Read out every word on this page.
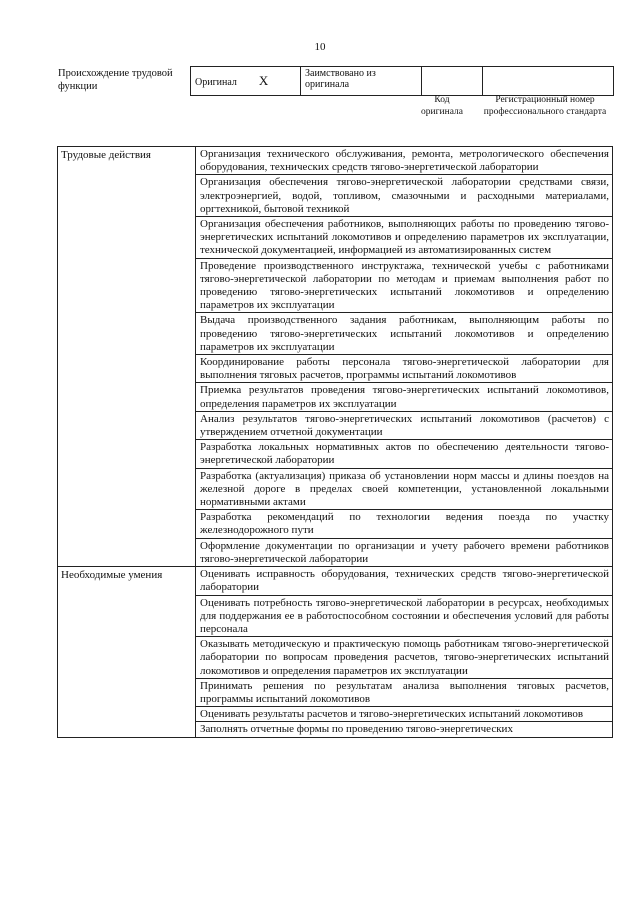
10
Происхождение трудовой функции	Оригинал X	Заимствовано из оригинала		
Код оригинала
Регистрационный номер профессионального стандарта
Трудовые действия	Организация технического обслуживания, ремонта, метрологического обеспечения оборудования, технических средств тягово-энергетической лаборатории
	Организация обеспечения тягово-энергетической лаборатории средствами связи, электроэнергией, водой, топливом, смазочными и расходными материалами, оргтехникой, бытовой техникой
	Организация обеспечения работников, выполняющих работы по проведению тягово-энергетических испытаний локомотивов и определению параметров их эксплуатации, технической документацией, информацией из автоматизированных систем
	Проведение производственного инструктажа, технической учебы с работниками тягово-энергетической лаборатории по методам и приемам выполнения работ по проведению тягово-энергетических испытаний локомотивов и определению параметров их эксплуатации
	Выдача производственного задания работникам, выполняющим работы по проведению тягово-энергетических испытаний локомотивов и определению параметров их эксплуатации
	Координирование работы персонала тягово-энергетической лаборатории для выполнения тяговых расчетов, программы испытаний локомотивов
	Приемка результатов проведения тягово-энергетических испытаний локомотивов, определения параметров их эксплуатации
	Анализ результатов тягово-энергетических испытаний локомотивов (расчетов) с утверждением отчетной документации
	Разработка локальных нормативных актов по обеспечению деятельности тягово-энергетической лаборатории
	Разработка (актуализация) приказа об установлении норм массы и длины поездов на железной дороге в пределах своей компетенции, установленной локальными нормативными актами
	Разработка рекомендаций по технологии ведения поезда по участку железнодорожного пути
	Оформление документации по организации и учету рабочего времени работников тягово-энергетической лаборатории
Необходимые умения	Оценивать исправность оборудования, технических средств тягово-энергетической лаборатории
	Оценивать потребность тягово-энергетической лаборатории в ресурсах, необходимых для поддержания ее в работоспособном состоянии и обеспечения условий для работы персонала
	Оказывать методическую и практическую помощь работникам тягово-энергетической лаборатории по вопросам проведения расчетов, тягово-энергетических испытаний локомотивов и определения параметров их эксплуатации
	Принимать решения по результатам анализа выполнения тяговых расчетов, программы испытаний локомотивов
	Оценивать результаты расчетов и тягово-энергетических испытаний локомотивов
	Заполнять отчетные формы по проведению тягово-энергетических
